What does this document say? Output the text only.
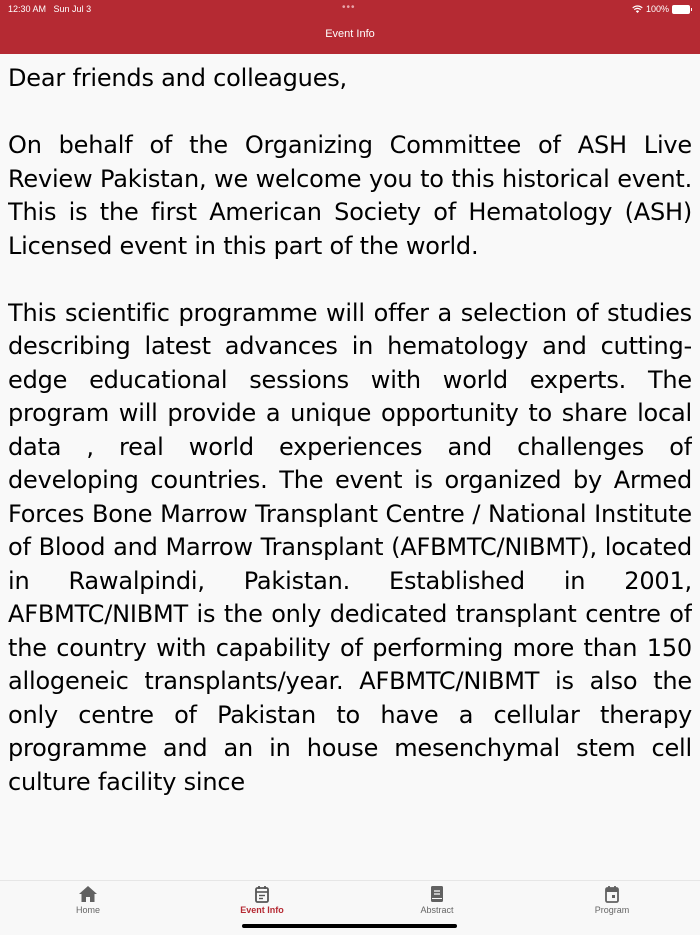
12:30 AM Sun Jul 3	•••	100%
Event Info

Dear friends and colleagues,

On behalf of the Organizing Committee of ASH Live Review Pakistan, we welcome you to this historical event. This is the first American Society of Hematology (ASH) Licensed event in this part of the world.

This scientific programme will offer a selection of studies describing latest advances in hematology and cutting-edge educational sessions with world experts. The program will provide a unique opportunity to share local data , real world experiences and challenges of developing countries. The event is organized by Armed Forces Bone Marrow Transplant Centre / National Institute of Blood and Marrow Transplant (AFBMTC/NIBMT), located in Rawalpindi, Pakistan. Established in 2001, AFBMTC/NIBMT is the only dedicated transplant centre of the country with capability of performing more than 150 allogeneic transplants/year. AFBMTC/NIBMT is also the only centre of Pakistan to have a cellular therapy programme and an in house mesenchymal stem cell culture facility since

Home	Event Info	Abstract	Program
